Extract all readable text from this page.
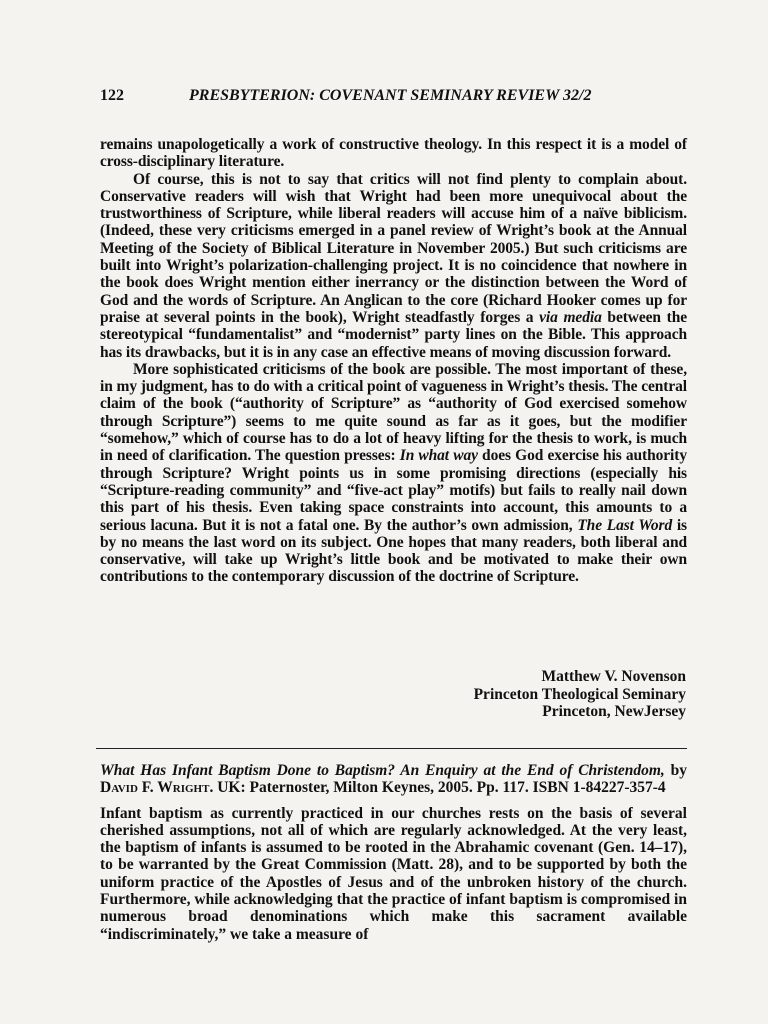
122	PRESBYTERION: COVENANT SEMINARY REVIEW 32/2

remains unapologetically a work of constructive theology. In this respect it is a model of cross-disciplinary literature.

Of course, this is not to say that critics will not find plenty to complain about. Conservative readers will wish that Wright had been more unequivocal about the trustworthiness of Scripture, while liberal readers will accuse him of a naïve biblicism. (Indeed, these very criticisms emerged in a panel review of Wright’s book at the Annual Meeting of the Society of Biblical Literature in November 2005.) But such criticisms are built into Wright’s polarization-challenging project. It is no coincidence that nowhere in the book does Wright mention either inerrancy or the distinction between the Word of God and the words of Scripture. An Anglican to the core (Richard Hooker comes up for praise at several points in the book), Wright steadfastly forges a via media between the stereotypical “fundamentalist” and “modernist” party lines on the Bible. This approach has its drawbacks, but it is in any case an effective means of moving discussion forward.

More sophisticated criticisms of the book are possible. The most important of these, in my judgment, has to do with a critical point of vagueness in Wright’s thesis. The central claim of the book (“authority of Scripture” as “authority of God exercised somehow through Scripture”) seems to me quite sound as far as it goes, but the modifier “somehow,” which of course has to do a lot of heavy lifting for the thesis to work, is much in need of clarification. The question presses: In what way does God exercise his authority through Scripture? Wright points us in some promising directions (especially his “Scripture-reading community” and “five-act play” motifs) but fails to really nail down this part of his thesis. Even taking space constraints into account, this amounts to a serious lacuna. But it is not a fatal one. By the author’s own admission, The Last Word is by no means the last word on its subject. One hopes that many readers, both liberal and conservative, will take up Wright’s little book and be motivated to make their own contributions to the contemporary discussion of the doctrine of Scripture.

Matthew V. Novenson
Princeton Theological Seminary
Princeton, NewJersey

What Has Infant Baptism Done to Baptism? An Enquiry at the End of Christendom, by David F. Wright. UK: Paternoster, Milton Keynes, 2005. Pp. 117. ISBN 1-84227-357-4

Infant baptism as currently practiced in our churches rests on the basis of several cherished assumptions, not all of which are regularly acknowledged. At the very least, the baptism of infants is assumed to be rooted in the Abrahamic covenant (Gen. 14–17), to be warranted by the Great Commission (Matt. 28), and to be supported by both the uniform practice of the Apostles of Jesus and of the unbroken history of the church. Furthermore, while acknowledging that the practice of infant baptism is compromised in numerous broad denominations which make this sacrament available “indiscriminately,” we take a measure of
